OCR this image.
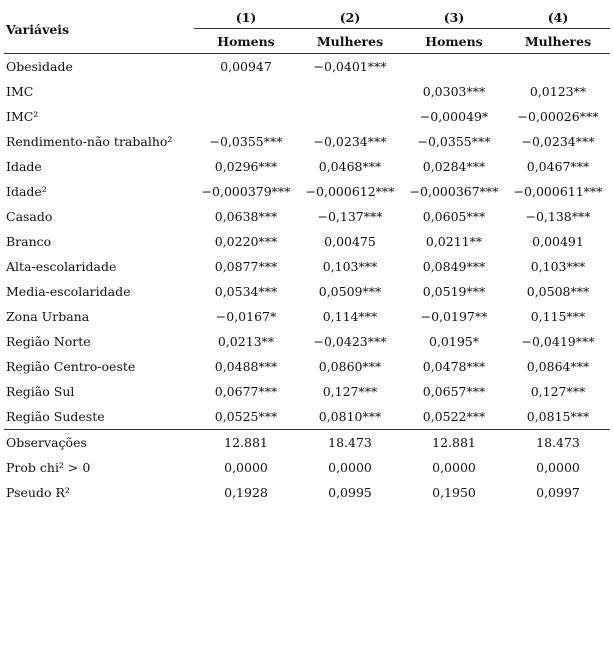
Variáveis	(1)	(2)	(3)	(4)
	Homens	Mulheres	Homens	Mulheres
Obesidade	0,00947	−0,0401***		
IMC			0,0303***	0,0123**
IMC²			−0,00049*	−0,00026***
Rendimento-não trabalho²	−0,0355***	−0,0234***	−0,0355***	−0,0234***
Idade	0,0296***	0,0468***	0,0284***	0,0467***
Idade²	−0,000379***	−0,000612***	−0,000367***	−0,000611***
Casado	0,0638***	−0,137***	0,0605***	−0,138***
Branco	0,0220***	0,00475	0,0211**	0,00491
Alta-escolaridade	0,0877***	0,103***	0,0849***	0,103***
Media-escolaridade	0,0534***	0,0509***	0,0519***	0,0508***
Zona Urbana	−0,0167*	0,114***	−0,0197**	0,115***
Região Norte	0,0213**	−0,0423***	0,0195*	−0,0419***
Região Centro-oeste	0,0488***	0,0860***	0,0478***	0,0864***
Região Sul	0,0677***	0,127***	0,0657***	0,127***
Região Sudeste	0,0525***	0,0810***	0,0522***	0,0815***
Observações	12.881	18.473	12.881	18.473
Prob chi² > 0	0,0000	0,0000	0,0000	0,0000
Pseudo R²	0,1928	0,0995	0,1950	0,0997
